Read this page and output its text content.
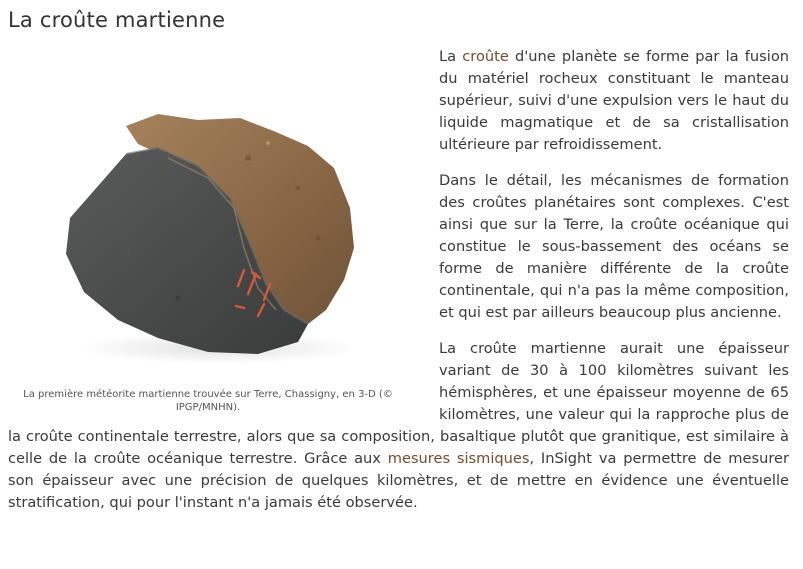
La croûte martienne

La première météorite martienne trouvée sur Terre, Chassigny, en 3-D (© IPGP/MNHN).

La croûte d'une planète se forme par la fusion du matériel rocheux constituant le manteau supérieur, suivi d'une expulsion vers le haut du liquide magmatique et de sa cristallisation ultérieure par refroidissement.

Dans le détail, les mécanismes de formation des croûtes planétaires sont complexes. C'est ainsi que sur la Terre, la croûte océanique qui constitue le sous-bassement des océans se forme de manière différente de la croûte continentale, qui n'a pas la même composition, et qui est par ailleurs beaucoup plus ancienne.

La croûte martienne aurait une épaisseur variant de 30 à 100 kilomètres suivant les hémisphères, et une épaisseur moyenne de 65 kilomètres, une valeur qui la rapproche plus de la croûte continentale terrestre, alors que sa composition, basaltique plutôt que granitique, est similaire à celle de la croûte océanique terrestre. Grâce aux mesures sismiques, InSight va permettre de mesurer son épaisseur avec une précision de quelques kilomètres, et de mettre en évidence une éventuelle stratification, qui pour l'instant n'a jamais été observée.
